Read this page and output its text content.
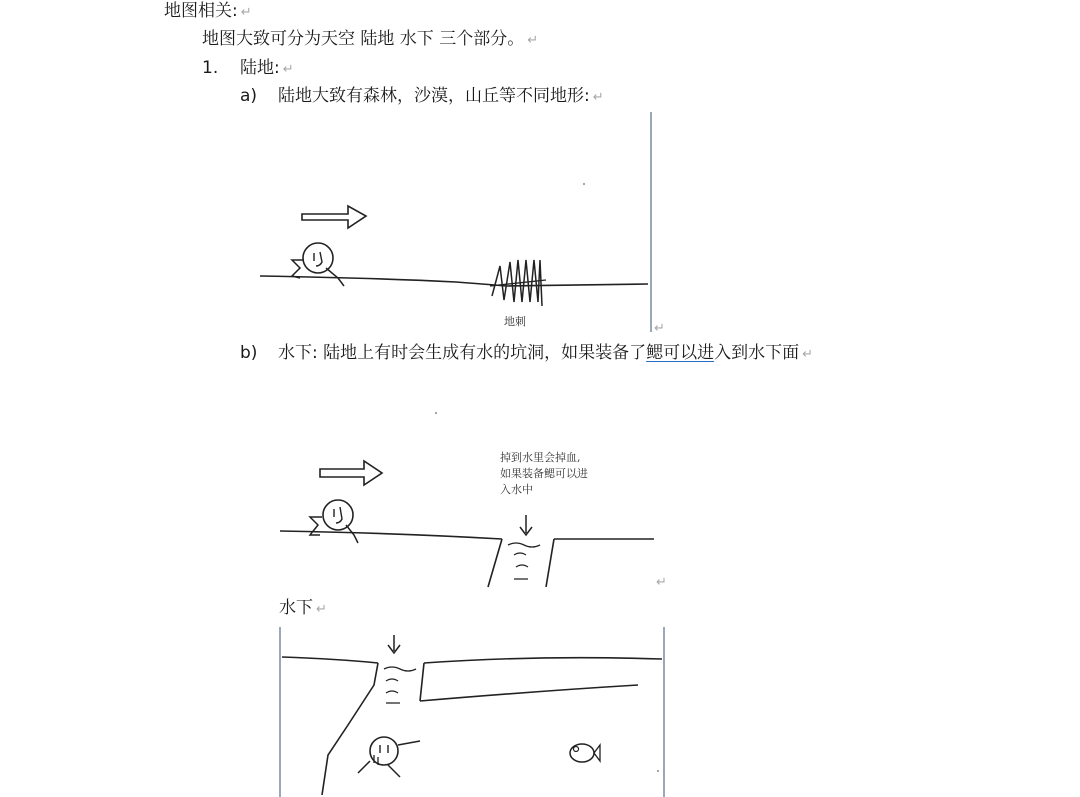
地图相关: ↵
地图大致可分为天空 陆地 水下 三个部分。 ↵
1. 陆地: ↵
a) 陆地大致有森林，沙漠，山丘等不同地形: ↵
地刺	↵
b) 水下: 陆地上有时会生成有水的坑洞，如果装备了鳃可以进入到水下面 ↵
掉到水里会掉血, 如果装备鳃可以进 入水中
↵
水下 ↵
